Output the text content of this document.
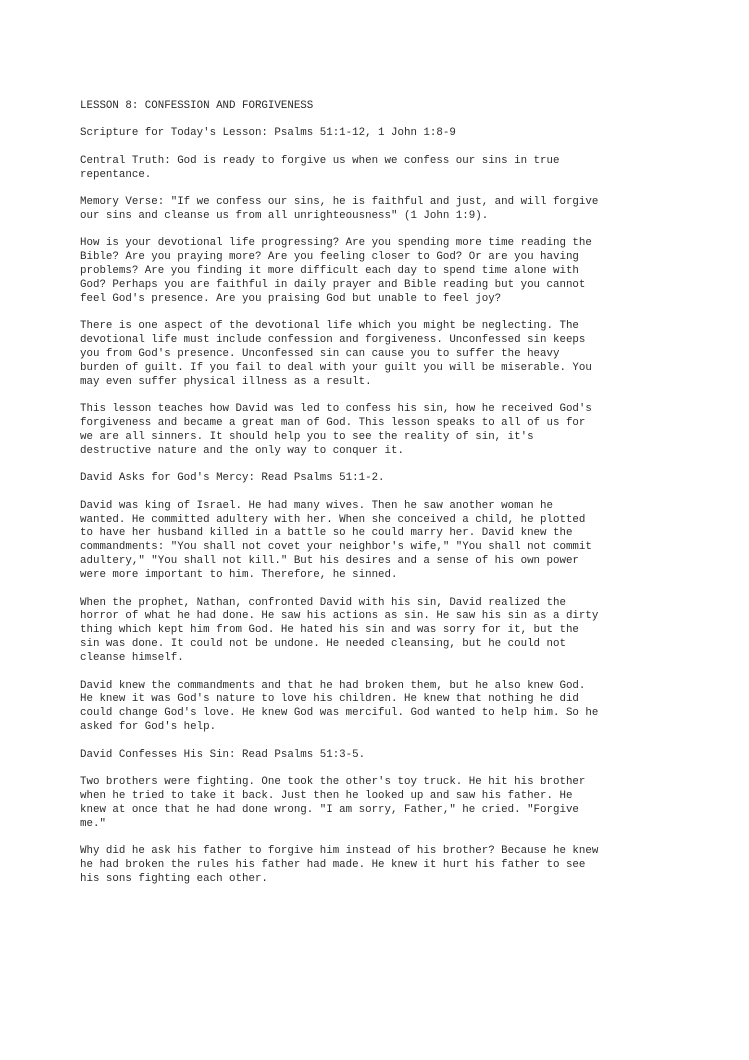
LESSON 8: CONFESSION AND FORGIVENESS
Scripture for Today's Lesson: Psalms 51:1-12, 1 John 1:8-9
Central Truth: God is ready to forgive us when we confess our sins in true
repentance.
Memory Verse: "If we confess our sins, he is faithful and just, and will forgive
our sins and cleanse us from all unrighteousness" (1 John 1:9).
How is your devotional life progressing? Are you spending more time reading the
Bible? Are you praying more? Are you feeling closer to God? Or are you having
problems? Are you finding it more difficult each day to spend time alone with
God? Perhaps you are faithful in daily prayer and Bible reading but you cannot
feel God's presence. Are you praising God but unable to feel joy?
There is one aspect of the devotional life which you might be neglecting. The
devotional life must include confession and forgiveness. Unconfessed sin keeps
you from God's presence. Unconfessed sin can cause you to suffer the heavy
burden of guilt. If you fail to deal with your guilt you will be miserable. You
may even suffer physical illness as a result.
This lesson teaches how David was led to confess his sin, how he received God's
forgiveness and became a great man of God. This lesson speaks to all of us for
we are all sinners. It should help you to see the reality of sin, it's
destructive nature and the only way to conquer it.
David Asks for God's Mercy: Read Psalms 51:1-2.
David was king of Israel. He had many wives. Then he saw another woman he
wanted. He committed adultery with her. When she conceived a child, he plotted
to have her husband killed in a battle so he could marry her. David knew the
commandments: "You shall not covet your neighbor's wife," "You shall not commit
adultery," "You shall not kill." But his desires and a sense of his own power
were more important to him. Therefore, he sinned.
When the prophet, Nathan, confronted David with his sin, David realized the
horror of what he had done. He saw his actions as sin. He saw his sin as a dirty
thing which kept him from God. He hated his sin and was sorry for it, but the
sin was done. It could not be undone. He needed cleansing, but he could not
cleanse himself.
David knew the commandments and that he had broken them, but he also knew God.
He knew it was God's nature to love his children. He knew that nothing he did
could change God's love. He knew God was merciful. God wanted to help him. So he
asked for God's help.
David Confesses His Sin: Read Psalms 51:3-5.
Two brothers were fighting. One took the other's toy truck. He hit his brother
when he tried to take it back. Just then he looked up and saw his father. He
knew at once that he had done wrong. "I am sorry, Father," he cried. "Forgive
me."
Why did he ask his father to forgive him instead of his brother? Because he knew
he had broken the rules his father had made. He knew it hurt his father to see
his sons fighting each other.
